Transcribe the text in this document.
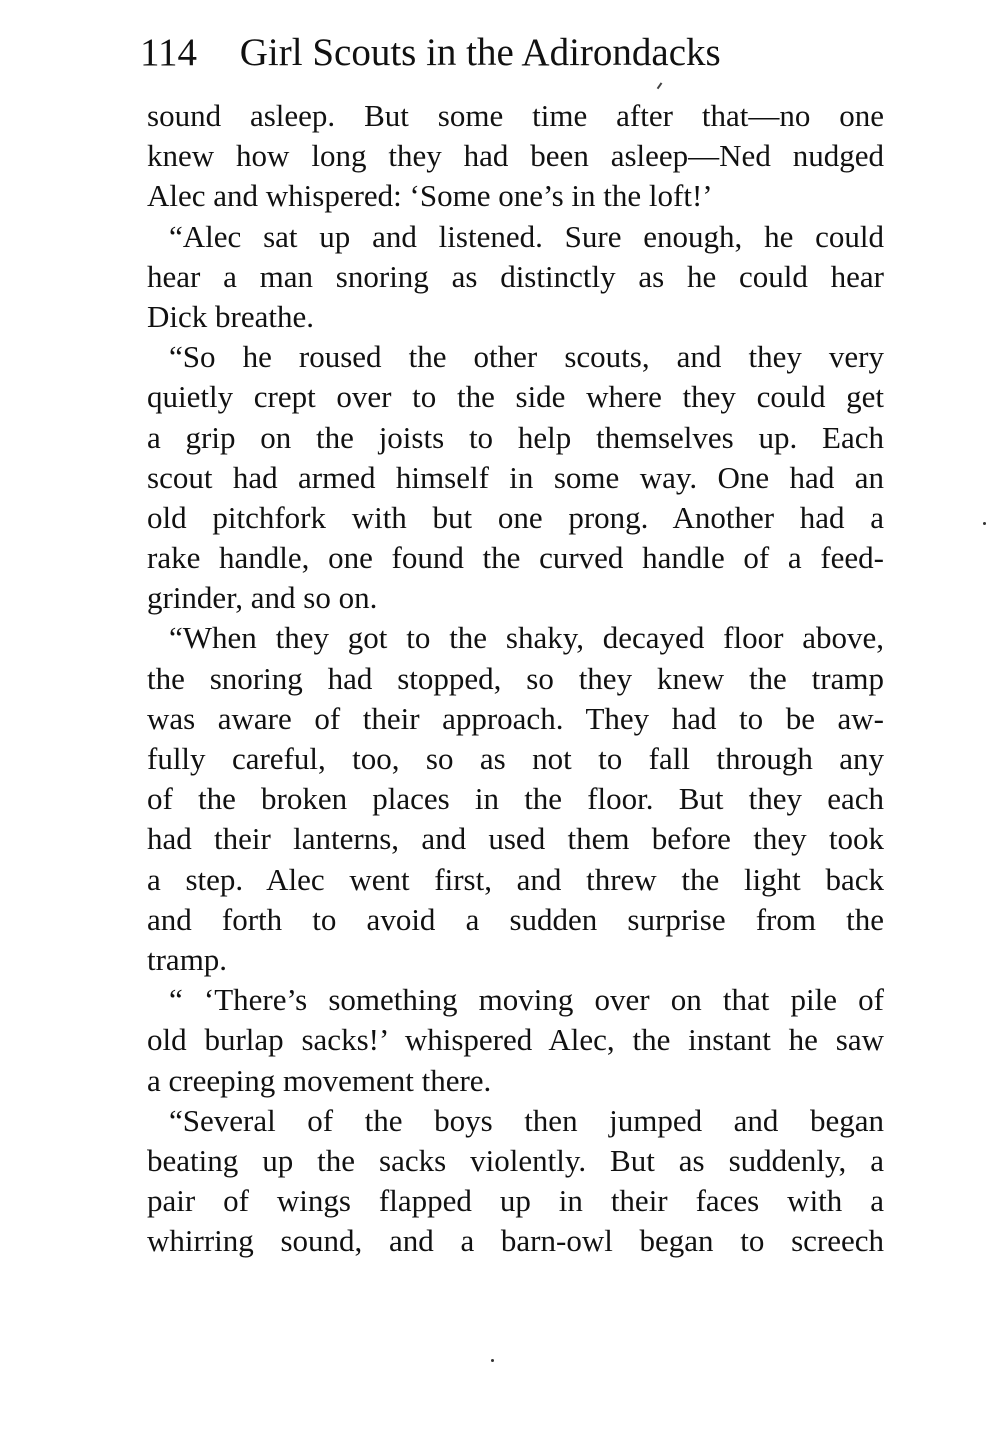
114 Girl Scouts in the Adirondacks
sound asleep. But some time after that—no one
knew how long they had been asleep—Ned nudged
Alec and whispered: ‘Some one’s in the loft!’
“Alec sat up and listened. Sure enough, he could
hear a man snoring as distinctly as he could hear
Dick breathe.
“So he roused the other scouts, and they very
quietly crept over to the side where they could get
a grip on the joists to help themselves up. Each
scout had armed himself in some way. One had an
old pitchfork with but one prong. Another had a
rake handle, one found the curved handle of a feed-
grinder, and so on.
“When they got to the shaky, decayed floor above,
the snoring had stopped, so they knew the tramp
was aware of their approach. They had to be aw-
fully careful, too, so as not to fall through any
of the broken places in the floor. But they each
had their lanterns, and used them before they took
a step. Alec went first, and threw the light back
and forth to avoid a sudden surprise from the
tramp.
“ ‘There’s something moving over on that pile of
old burlap sacks!’ whispered Alec, the instant he saw
a creeping movement there.
“Several of the boys then jumped and began
beating up the sacks violently. But as suddenly, a
pair of wings flapped up in their faces with a
whirring sound, and a barn-owl began to screech
